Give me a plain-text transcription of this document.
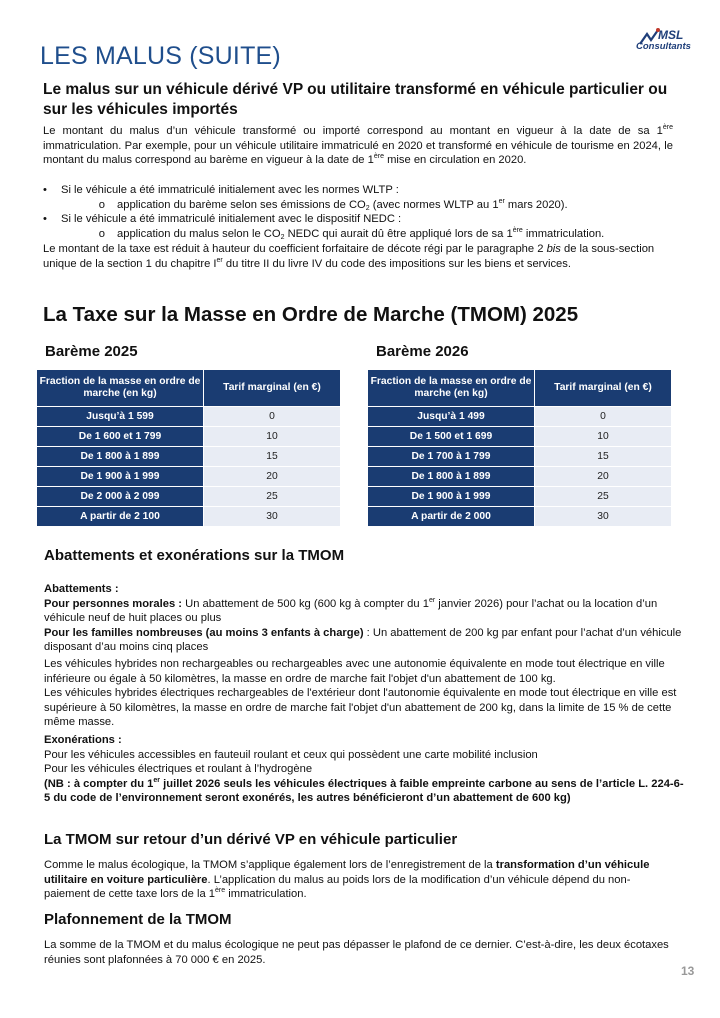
LES MALUS (SUITE)
MSL
Consultants
Le malus sur un véhicule dérivé VP ou utilitaire transformé en véhicule particulier ou sur les véhicules importés
Le montant du malus d’un véhicule transformé ou importé correspond au montant en vigueur à la date de sa 1ère immatriculation. Par exemple, pour un véhicule utilitaire immatriculé en 2020 et transformé en véhicule de tourisme en 2024, le montant du malus correspond au barème en vigueur à la date de 1ère mise en circulation en 2020.
• Si le véhicule a été immatriculé initialement avec les normes WLTP :
o application du barème selon ses émissions de $CO_2$ (avec normes WLTP au 1er mars 2020).
• Si le véhicule a été immatriculé initialement avec le dispositif NEDC :
o application du malus selon le $CO_2$ NEDC qui aurait dû être appliqué lors de sa 1ère immatriculation.
Le montant de la taxe est réduit à hauteur du coefficient forfaitaire de décote régi par le paragraphe 2 bis de la sous-section unique de la section 1 du chapitre Ier du titre II du livre IV du code des impositions sur les biens et services.
La Taxe sur la Masse en Ordre de Marche (TMOM) 2025
Barème 2025	Barème 2026
Fraction de la masse en ordre de marche (en kg)	Tarif marginal (en €)
Jusqu’à 1 599	0
De 1 600 et 1 799	10
De 1 800 à 1 899	15
De 1 900 à 1 999	20
De 2 000 à 2 099	25
A partir de 2 100	30
Fraction de la masse en ordre de marche (en kg)	Tarif marginal (en €)
Jusqu’à 1 499	0
De 1 500 et 1 699	10
De 1 700 à 1 799	15
De 1 800 à 1 899	20
De 1 900 à 1 999	25
A partir de 2 000	30
Abattements et exonérations sur la TMOM
Abattements :
Pour personnes morales : Un abattement de 500 kg (600 kg à compter du 1er janvier 2026) pour l’achat ou la location d’un véhicule neuf de huit places ou plus
Pour les familles nombreuses (au moins 3 enfants à charge) : Un abattement de 200 kg par enfant pour l’achat d’un véhicule disposant d’au moins cinq places
Les véhicules hybrides non rechargeables ou rechargeables avec une autonomie équivalente en mode tout électrique en ville inférieure ou égale à 50 kilomètres, la masse en ordre de marche fait l'objet d'un abattement de 100 kg.
Les véhicules hybrides électriques rechargeables de l'extérieur dont l'autonomie équivalente en mode tout électrique en ville est supérieure à 50 kilomètres, la masse en ordre de marche fait l'objet d'un abattement de 200 kg, dans la limite de 15 % de cette même masse.
Exonérations :
Pour les véhicules accessibles en fauteuil roulant et ceux qui possèdent une carte mobilité inclusion
Pour les véhicules électriques et roulant à l’hydrogène
(NB : à compter du 1er juillet 2026 seuls les véhicules électriques à faible empreinte carbone au sens de l’article L. 224-6-5 du code de l’environnement seront exonérés, les autres bénéficieront d’un abattement de 600 kg)
La TMOM sur retour d’un dérivé VP en véhicule particulier
Comme le malus écologique, la TMOM s’applique également lors de l’enregistrement de la transformation d’un véhicule utilitaire en voiture particulière. L’application du malus au poids lors de la modification d’un véhicule dépend du non-paiement de cette taxe lors de la 1ère immatriculation.
Plafonnement de la TMOM
La somme de la TMOM et du malus écologique ne peut pas dépasser le plafond de ce dernier. C’est-à-dire, les deux écotaxes réunies sont plafonnées à 70 000 € en 2025.
13
